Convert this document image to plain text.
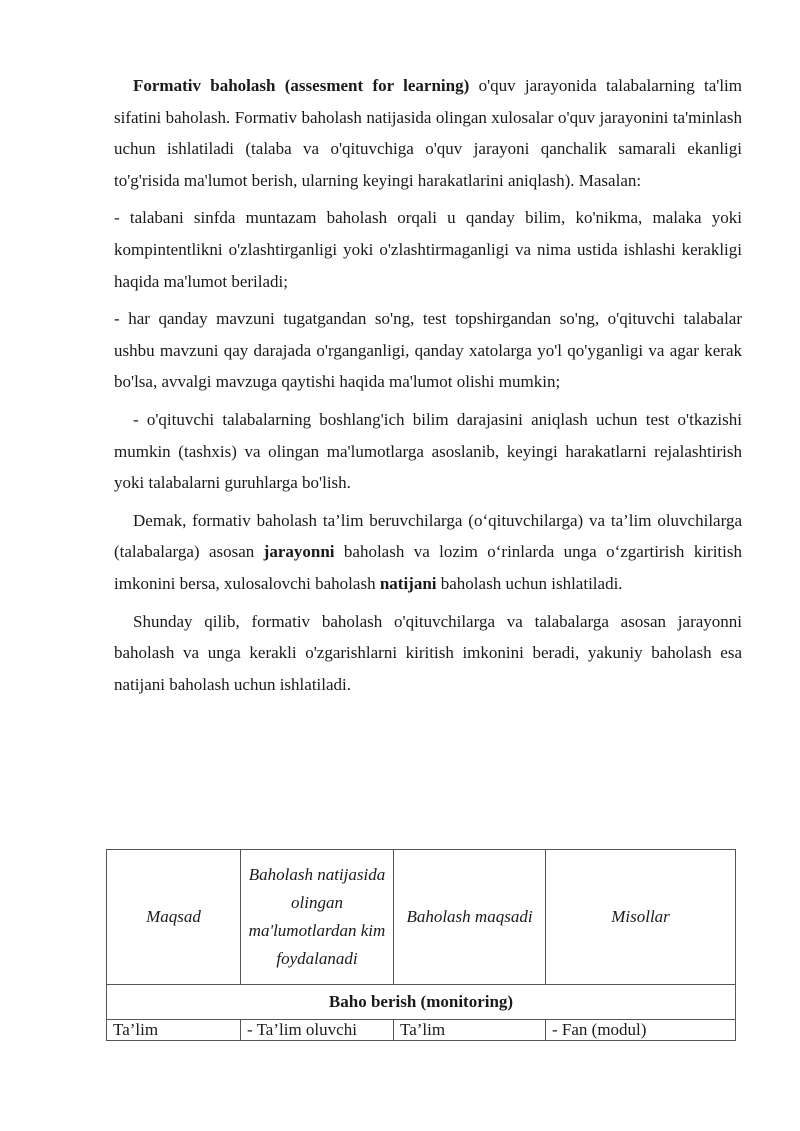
Formativ baholash (assesment for learning) o'quv jarayonida talabalarning ta'lim sifatini baholash. Formativ baholash natijasida olingan xulosalar o'quv jarayonini ta'minlash uchun ishlatiladi (talaba va o'qituvchiga o'quv jarayoni qanchalik samarali ekanligi to'g'risida ma'lumot berish, ularning keyingi harakatlarini aniqlash). Masalan:

- talabani sinfda muntazam baholash orqali u qanday bilim, ko'nikma, malaka yoki kompintentlikni o'zlashtirganligi yoki o'zlashtirmaganligi va nima ustida ishlashi kerakligi haqida ma'lumot beriladi;

- har qanday mavzuni tugatgandan so'ng, test topshirgandan so'ng, o'qituvchi talabalar ushbu mavzuni qay darajada o'rganganligi, qanday xatolarga yo'l qo'yganligi va agar kerak bo'lsa, avvalgi mavzuga qaytishi haqida ma'lumot olishi mumkin;

- o'qituvchi talabalarning boshlang'ich bilim darajasini aniqlash uchun test o'tkazishi mumkin (tashxis) va olingan ma'lumotlarga asoslanib, keyingi harakatlarni rejalashtirish yoki talabalarni guruhlarga bo'lish.

Demak, formativ baholash ta’lim beruvchilarga (o‘qituvchilarga) va ta’lim oluvchilarga (talabalarga) asosan jarayonni baholash va lozim o‘rinlarda unga o‘zgartirish kiritish imkonini bersa, xulosalovchi baholash natijani baholash uchun ishlatiladi.

Shunday qilib, formativ baholash o'qituvchilarga va talabalarga asosan jarayonni baholash va unga kerakli o'zgarishlarni kiritish imkonini beradi, yakuniy baholash esa natijani baholash uchun ishlatiladi.

Maqsad	Baholash natijasida olingan ma'lumotlardan kim foydalanadi	Baholash maqsadi	Misollar
Baho berish (monitoring)			
Ta’lim	- Ta’lim oluvchi	Ta’lim	- Fan (modul)
